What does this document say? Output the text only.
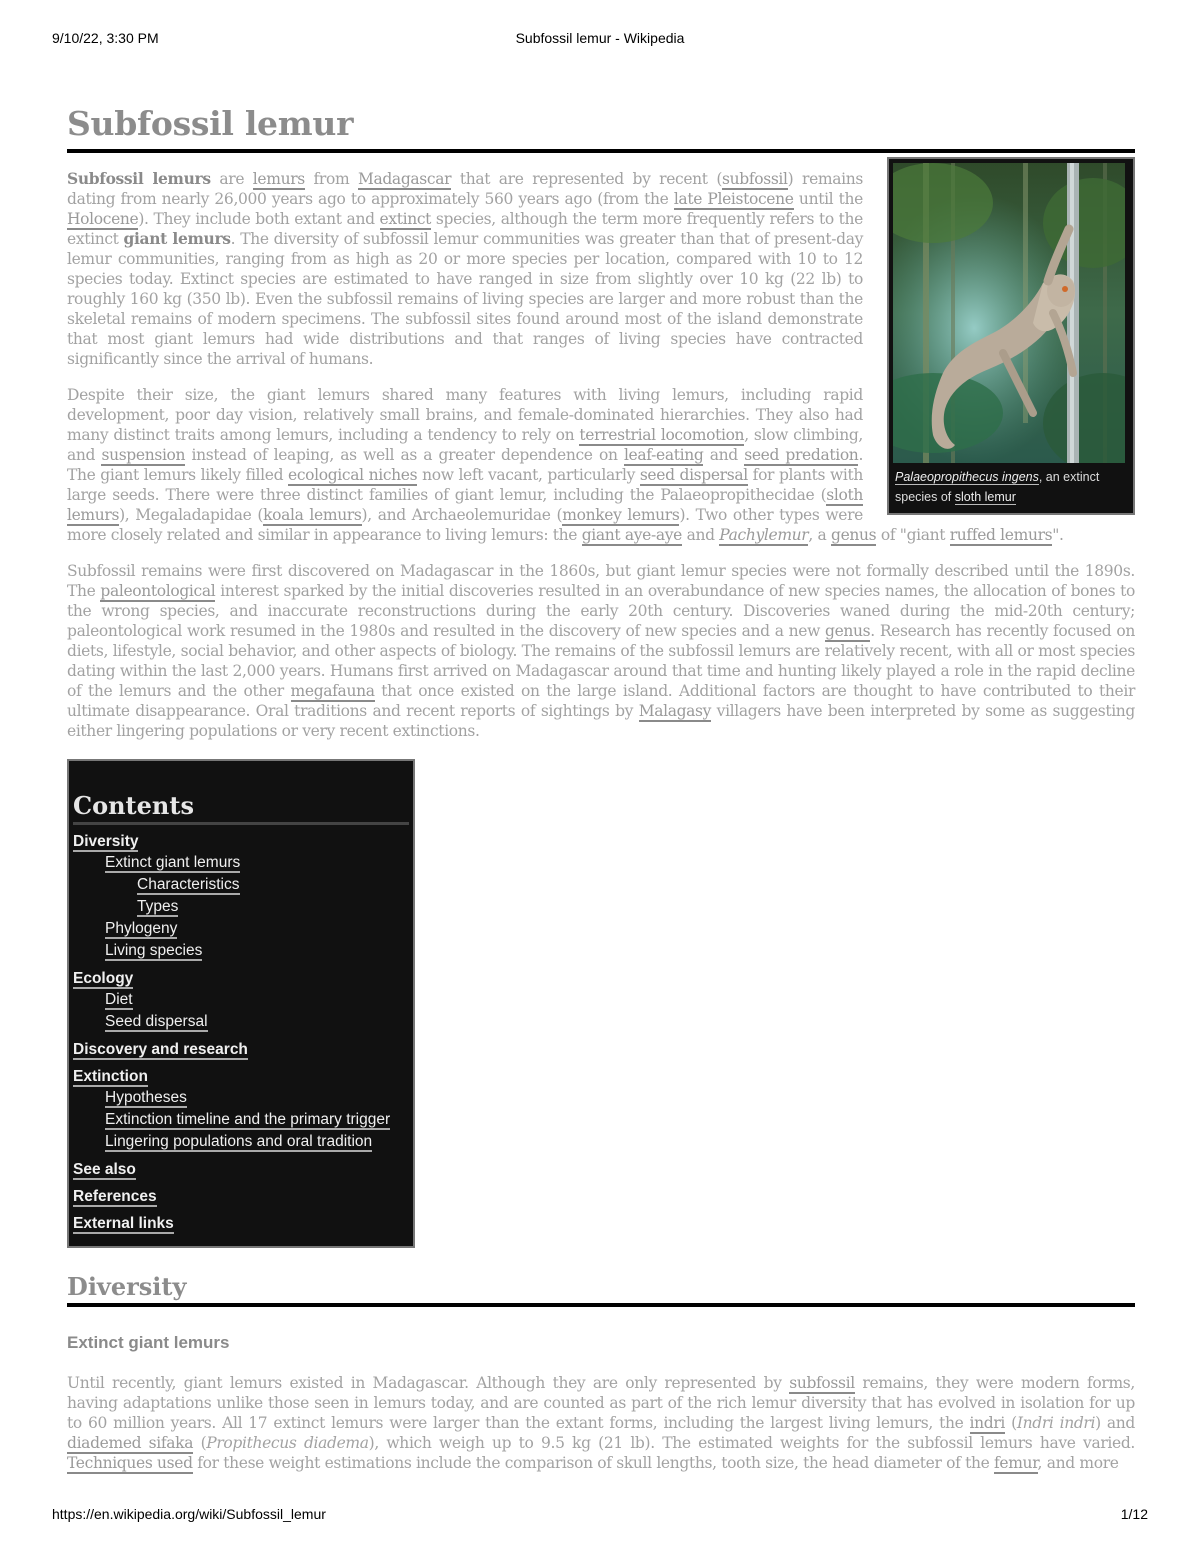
9/10/22, 3:30 PM	Subfossil lemur - Wikipedia
Subfossil lemur
Palaeopropithecus ingens, an extinct species of sloth lemur

Subfossil lemurs are lemurs from Madagascar that are represented by recent (subfossil) remains dating from nearly 26,000 years ago to approximately 560 years ago (from the late Pleistocene until the Holocene). They include both extant and extinct species, although the term more frequently refers to the extinct giant lemurs. The diversity of subfossil lemur communities was greater than that of present-day lemur communities, ranging from as high as 20 or more species per location, compared with 10 to 12 species today. Extinct species are estimated to have ranged in size from slightly over 10 kg (22 lb) to roughly 160 kg (350 lb). Even the subfossil remains of living species are larger and more robust than the skeletal remains of modern specimens. The subfossil sites found around most of the island demonstrate that most giant lemurs had wide distributions and that ranges of living species have contracted significantly since the arrival of humans.

Despite their size, the giant lemurs shared many features with living lemurs, including rapid development, poor day vision, relatively small brains, and female-dominated hierarchies. They also had many distinct traits among lemurs, including a tendency to rely on terrestrial locomotion, slow climbing, and suspension instead of leaping, as well as a greater dependence on leaf-eating and seed predation. The giant lemurs likely filled ecological niches now left vacant, particularly seed dispersal for plants with large seeds. There were three distinct families of giant lemur, including the Palaeopropithecidae (sloth lemurs), Megaladapidae (koala lemurs), and Archaeolemuridae (monkey lemurs). Two other types were more closely related and similar in appearance to living lemurs: the giant aye-aye and Pachylemur, a genus of "giant ruffed lemurs".

Subfossil remains were first discovered on Madagascar in the 1860s, but giant lemur species were not formally described until the 1890s. The paleontological interest sparked by the initial discoveries resulted in an overabundance of new species names, the allocation of bones to the wrong species, and inaccurate reconstructions during the early 20th century. Discoveries waned during the mid-20th century; paleontological work resumed in the 1980s and resulted in the discovery of new species and a new genus. Research has recently focused on diets, lifestyle, social behavior, and other aspects of biology. The remains of the subfossil lemurs are relatively recent, with all or most species dating within the last 2,000 years. Humans first arrived on Madagascar around that time and hunting likely played a role in the rapid decline of the lemurs and the other megafauna that once existed on the large island. Additional factors are thought to have contributed to their ultimate disappearance. Oral traditions and recent reports of sightings by Malagasy villagers have been interpreted by some as suggesting either lingering populations or very recent extinctions.

Contents
Diversity
Extinct giant lemurs
Characteristics
Types
Phylogeny
Living species
Ecology
Diet
Seed dispersal
Discovery and research
Extinction
Hypotheses
Extinction timeline and the primary trigger
Lingering populations and oral tradition
See also
References
External links
Diversity
Extinct giant lemurs

Until recently, giant lemurs existed in Madagascar. Although they are only represented by subfossil remains, they were modern forms, having adaptations unlike those seen in lemurs today, and are counted as part of the rich lemur diversity that has evolved in isolation for up to 60 million years. All 17 extinct lemurs were larger than the extant forms, including the largest living lemurs, the indri (Indri indri) and diademed sifaka (Propithecus diadema), which weigh up to 9.5 kg (21 lb). The estimated weights for the subfossil lemurs have varied. Techniques used for these weight estimations include the comparison of skull lengths, tooth size, the head diameter of the femur, and more

https://en.wikipedia.org/wiki/Subfossil_lemur	1/12
